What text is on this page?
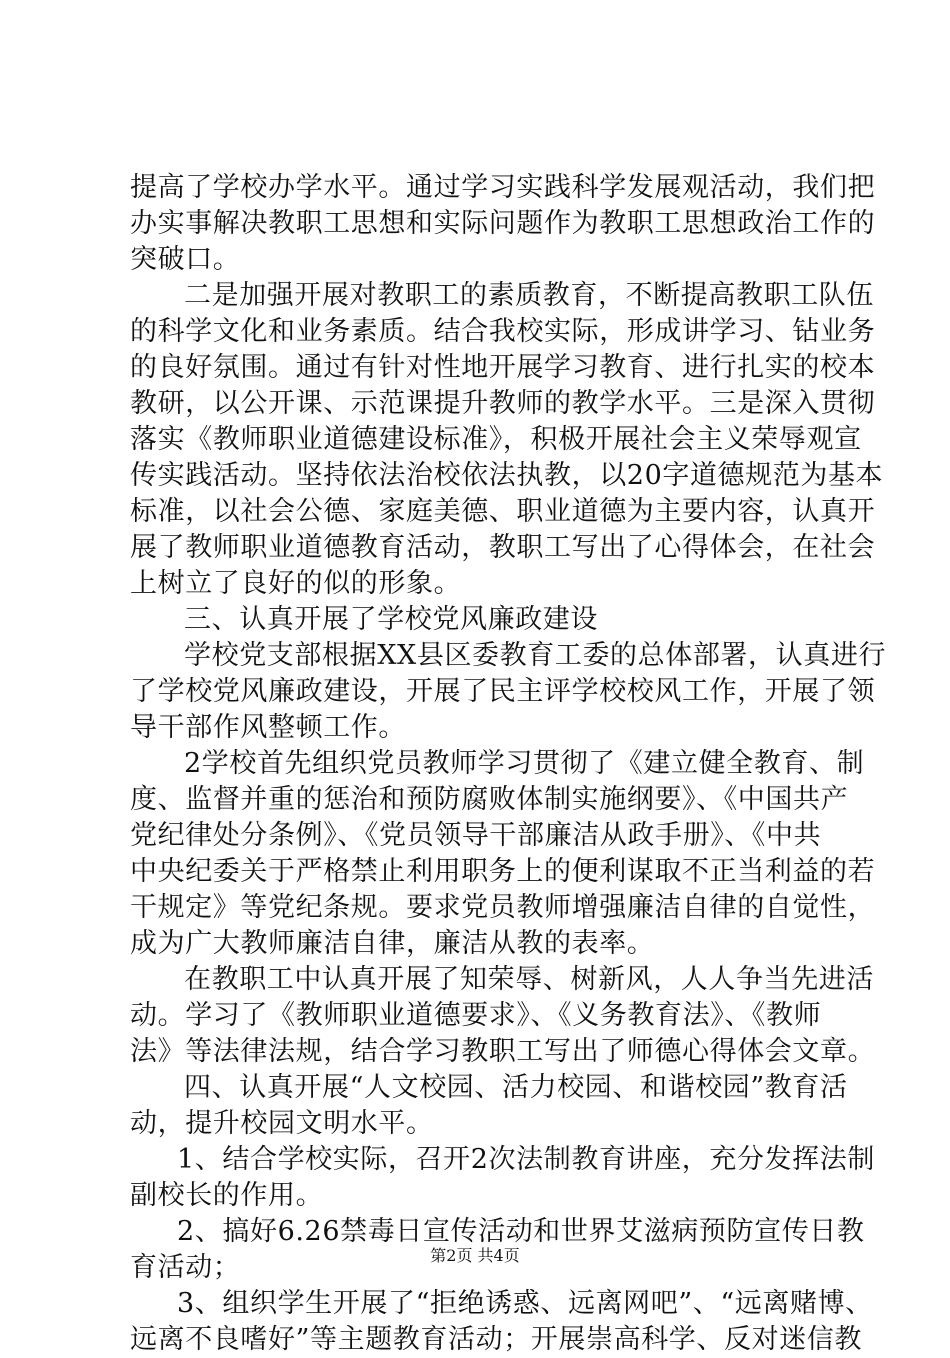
提高了学校办学水平。通过学习实践科学发展观活动，我们把
办实事解决教职工思想和实际问题作为教职工思想政治工作的
突破口。
二是加强开展对教职工的素质教育，不断提高教职工队伍
的科学文化和业务素质。结合我校实际，形成讲学习、钻业务
的良好氛围。通过有针对性地开展学习教育、进行扎实的校本
教研，以公开课、示范课提升教师的教学水平。三是深入贯彻
落实《教师职业道德建设标准》，积极开展社会主义荣辱观宣
传实践活动。坚持依法治校依法执教，以20字道德规范为基本
标准，以社会公德、家庭美德、职业道德为主要内容，认真开
展了教师职业道德教育活动，教职工写出了心得体会，在社会
上树立了良好的似的形象。
三、认真开展了学校党风廉政建设
学校党支部根据XX县区委教育工委的总体部署，认真进行
了学校党风廉政建设，开展了民主评学校校风工作，开展了领
导干部作风整顿工作。
2学校首先组织党员教师学习贯彻了《建立健全教育、制
度、监督并重的惩治和预防腐败体制实施纲要》、《中国共产
党纪律处分条例》、《党员领导干部廉洁从政手册》、《中共
中央纪委关于严格禁止利用职务上的便利谋取不正当利益的若
干规定》等党纪条规。要求党员教师增强廉洁自律的自觉性，
成为广大教师廉洁自律，廉洁从教的表率。
在教职工中认真开展了知荣辱、树新风，人人争当先进活
动。学习了《教师职业道德要求》、《义务教育法》、《教师
法》等法律法规，结合学习教职工写出了师德心得体会文章。
四、认真开展“人文校园、活力校园、和谐校园”教育活
动，提升校园文明水平。
1、结合学校实际，召开2次法制教育讲座，充分发挥法制
副校长的作用。
2、搞好6.26禁毒日宣传活动和世界艾滋病预防宣传日教
育活动；
3、组织学生开展了“拒绝诱惑、远离网吧”、“远离赌博、
远离不良嗜好”等主题教育活动；开展崇高科学、反对迷信教
第2页 共4页
